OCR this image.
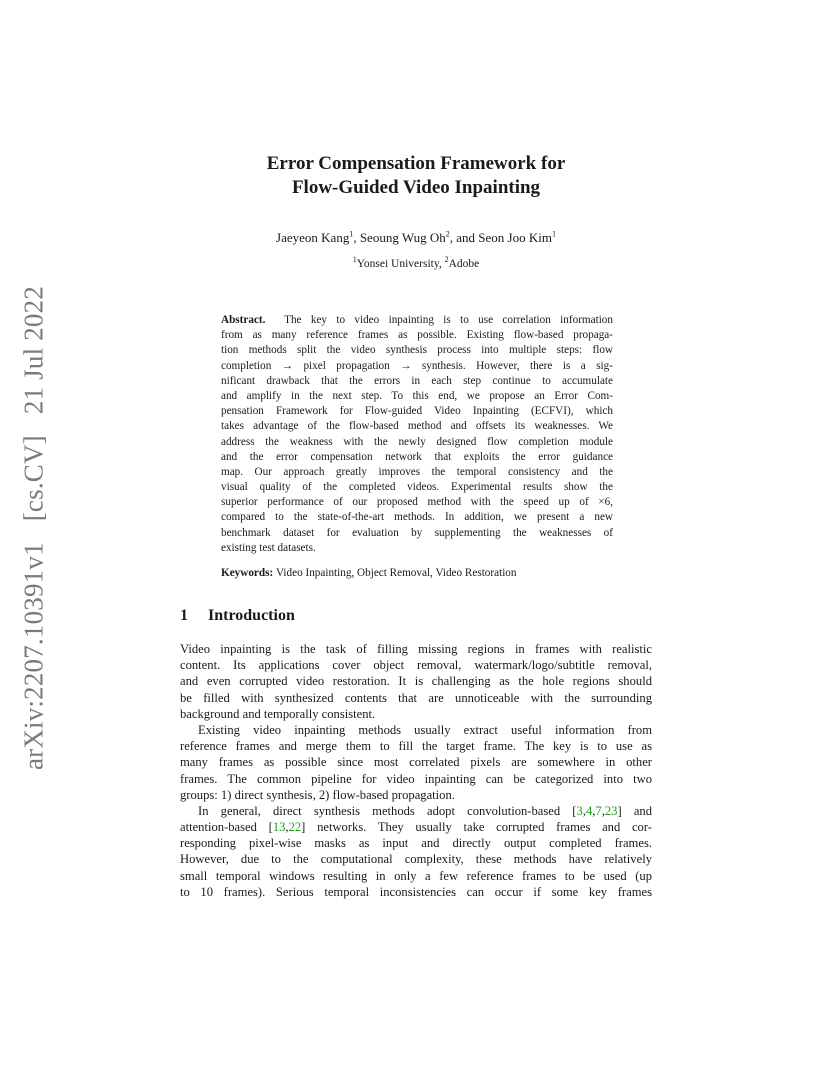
arXiv:2207.10391v1 [cs.CV] 21 Jul 2022
Error Compensation Framework for
Flow-Guided Video Inpainting
Jaeyeon Kang$^1$, Seoung Wug Oh$^2$, and Seon Joo Kim$^1$
$^1$Yonsei University, $^2$Adobe
Abstract. The key to video inpainting is to use correlation information
from as many reference frames as possible. Existing flow-based propaga-
tion methods split the video synthesis process into multiple steps: flow
completion → pixel propagation → synthesis. However, there is a sig-
nificant drawback that the errors in each step continue to accumulate
and amplify in the next step. To this end, we propose an Error Com-
pensation Framework for Flow-guided Video Inpainting (ECFVI), which
takes advantage of the flow-based method and offsets its weaknesses. We
address the weakness with the newly designed flow completion module
and the error compensation network that exploits the error guidance
map. Our approach greatly improves the temporal consistency and the
visual quality of the completed videos. Experimental results show the
superior performance of our proposed method with the speed up of ×6,
compared to the state-of-the-art methods. In addition, we present a new
benchmark dataset for evaluation by supplementing the weaknesses of
existing test datasets.
Keywords: Video Inpainting, Object Removal, Video Restoration
1 Introduction
Video inpainting is the task of filling missing regions in frames with realistic
content. Its applications cover object removal, watermark/logo/subtitle removal,
and even corrupted video restoration. It is challenging as the hole regions should
be filled with synthesized contents that are unnoticeable with the surrounding
background and temporally consistent.
Existing video inpainting methods usually extract useful information from
reference frames and merge them to fill the target frame. The key is to use as
many frames as possible since most correlated pixels are somewhere in other
frames. The common pipeline for video inpainting can be categorized into two
groups: 1) direct synthesis, 2) flow-based propagation.
In general, direct synthesis methods adopt convolution-based [3,4,7,23] and
attention-based [13,22] networks. They usually take corrupted frames and cor-
responding pixel-wise masks as input and directly output completed frames.
However, due to the computational complexity, these methods have relatively
small temporal windows resulting in only a few reference frames to be used (up
to 10 frames). Serious temporal inconsistencies can occur if some key frames
